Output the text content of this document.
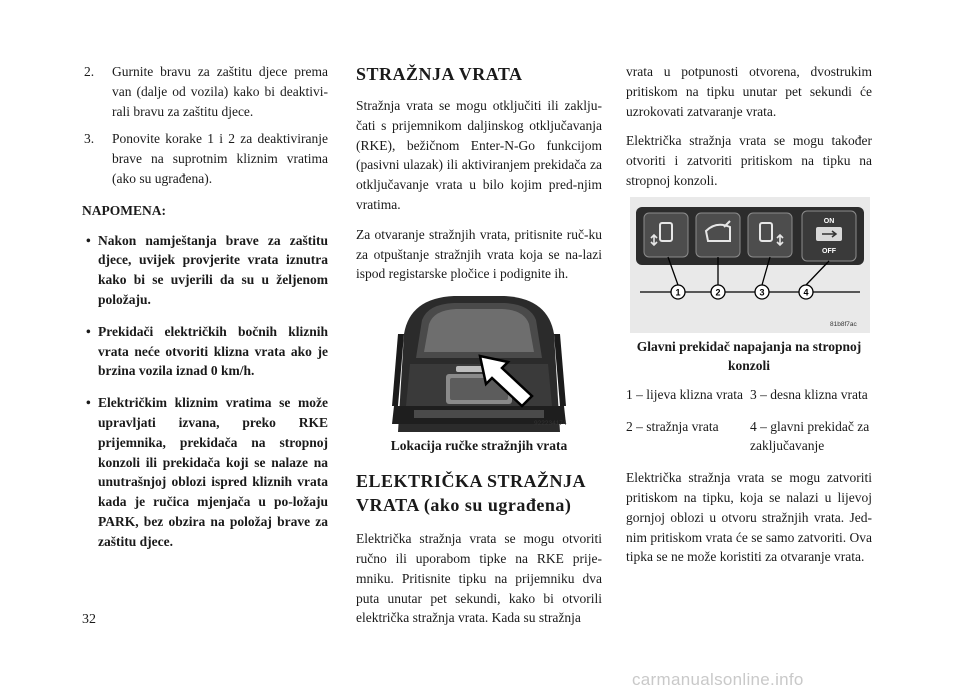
2. Gurnite bravu za zaštitu djece prema van (dalje od vozila) kako bi deaktivi-rali bravu za zaštitu djece.
3. Ponovite korake 1 i 2 za deaktiviranje brave na suprotnim kliznim vratima (ako su ugrađena).
NAPOMENA:
• Nakon namještanja brave za zaštitu djece, uvijek provjerite vrata iznutra kako bi se uvjerili da su u željenom položaju.
• Prekidači električkih bočnih kliznih vrata neće otvoriti klizna vrata ako je brzina vozila iznad 0 km/h.
• Električkim kliznim vratima se može upravljati izvana, preko RKE prijemnika, prekidača na stropnoj konzoli ili prekidača koji se nalaze na unutrašnjoj oblozi ispred kliznih vrata kada je ručica mjenjača u po-ložaju PARK, bez obzira na položaj brave za zaštitu djece.
STRAŽNJA VRATA

Stražnja vrata se mogu otključiti ili zaklju-čati s prijemnikom daljinskog otključavanja (RKE), bežičnom Enter-N-Go funkcijom (pasivni ulazak) ili aktiviranjem prekidača za otključavanje vrata u bilo kojim pred-njim vratima.

Za otvaranje stražnjih vrata, pritisnite ruč-ku za otpuštanje stražnjih vrata koja se na-lazi ispod registarske pločice i podignite ih.

922234174
Lokacija ručke stražnjih vrata
ELEKTRIČKA STRAŽNJA
VRATA (ako su ugrađena)

Električka stražnja vrata se mogu otvoriti ručno ili uporabom tipke na RKE prije-mniku. Pritisnite tipku na prijemniku dva puta unutar pet sekundi, kako bi otvorili električka stražnja vrata. Kada su stražnja

vrata u potpunosti otvorena, dvostrukim pritiskom na tipku unutar pet sekundi će uzrokovati zatvaranje vrata.

Električka stražnja vrata se mogu također otvoriti i zatvoriti pritiskom na tipku na stropnoj konzoli.

ON
OFF
1	2	3	4
81b8f7ac
Glavni prekidač napajanja na stropnoj konzoli
1 – lijeva klizna vrata 3 – desna klizna vrata
2 – stražnja vrata	4 – glavni prekidač za zaključavanje

Električka stražnja vrata se mogu zatvoriti pritiskom na tipku, koja se nalazi u lijevoj gornjoj oblozi u otvoru stražnjih vrata. Jed-nim pritiskom vrata će se samo zatvoriti. Ova tipka se ne može koristiti za otvaranje vrata.

32
carmanualsonline.info
